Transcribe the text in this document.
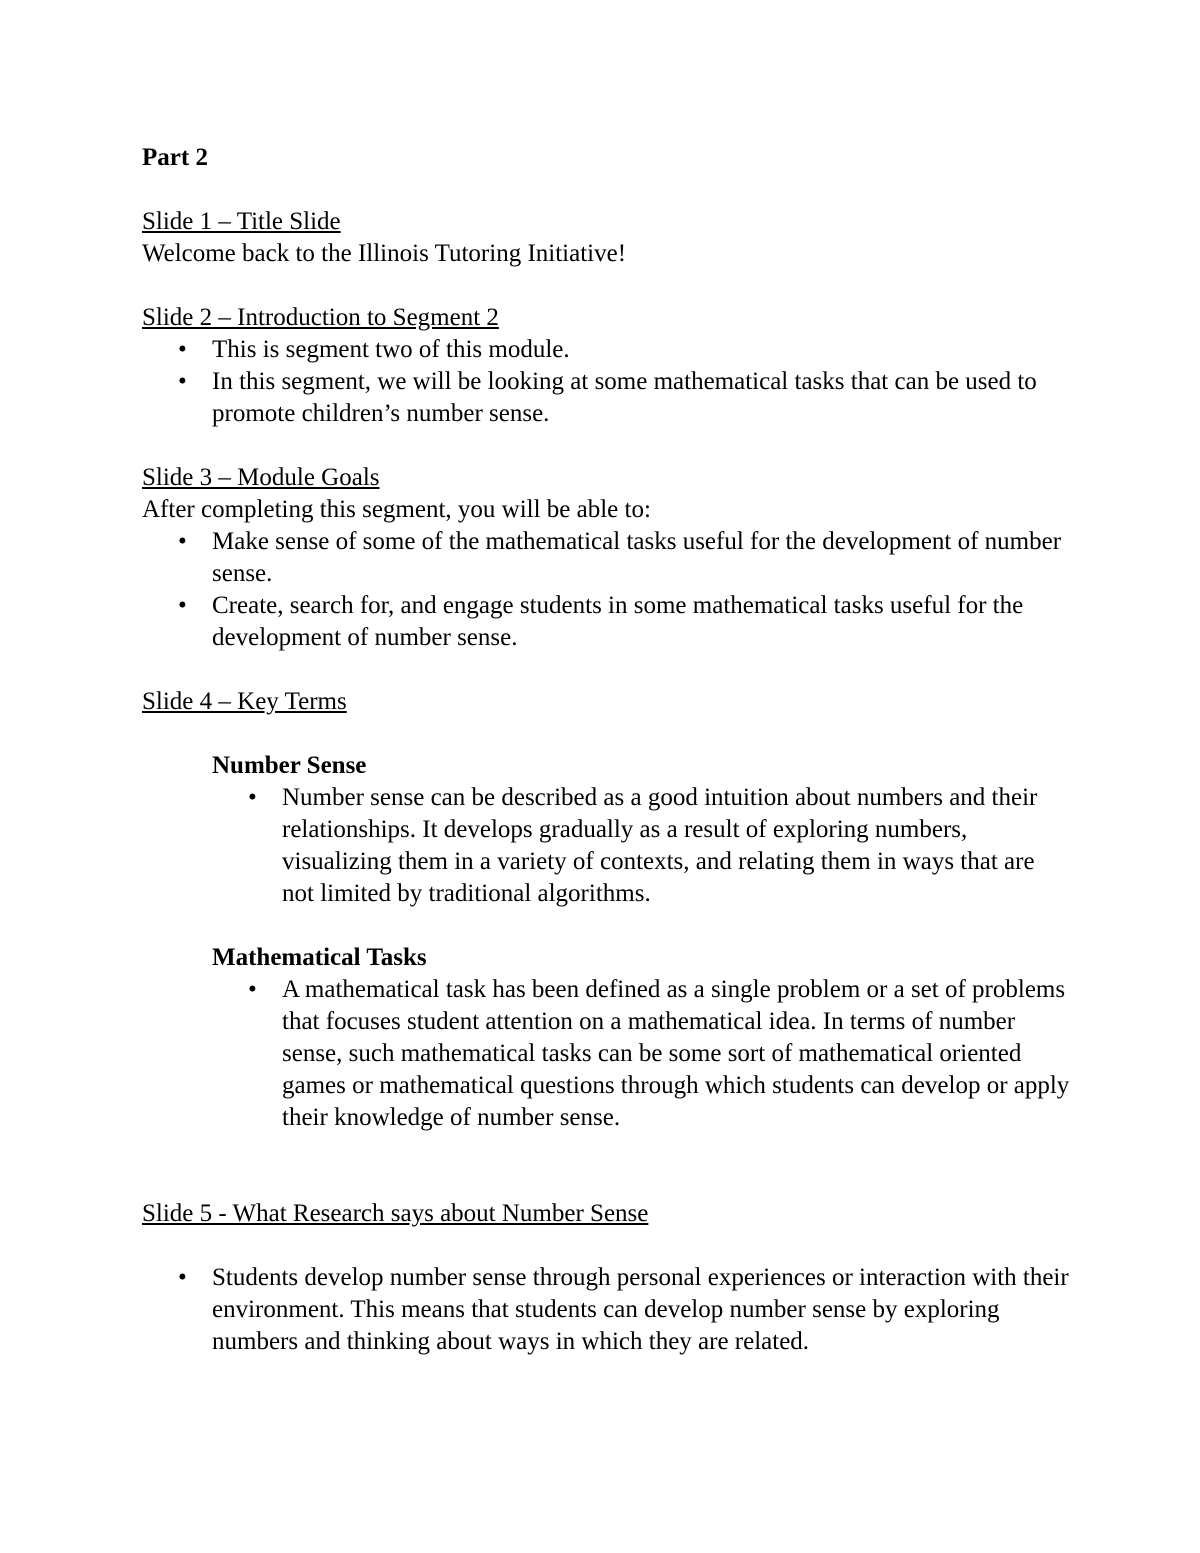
Part 2

Slide 1 – Title Slide

Welcome back to the Illinois Tutoring Initiative!

Slide 2 – Introduction to Segment 2

• This is segment two of this module.
• In this segment, we will be looking at some mathematical tasks that can be used to promote children’s number sense.

Slide 3 – Module Goals

After completing this segment, you will be able to:

• Make sense of some of the mathematical tasks useful for the development of number sense.
• Create, search for, and engage students in some mathematical tasks useful for the development of number sense.

Slide 4 – Key Terms

Number Sense
• Number sense can be described as a good intuition about numbers and their relationships. It develops gradually as a result of exploring numbers, visualizing them in a variety of contexts, and relating them in ways that are not limited by traditional algorithms.
Mathematical Tasks
• A mathematical task has been defined as a single problem or a set of problems that focuses student attention on a mathematical idea. In terms of number sense, such mathematical tasks can be some sort of mathematical oriented games or mathematical questions through which students can develop or apply their knowledge of number sense.

Slide 5 - What Research says about Number Sense

• Students develop number sense through personal experiences or interaction with their environment. This means that students can develop number sense by exploring numbers and thinking about ways in which they are related.
